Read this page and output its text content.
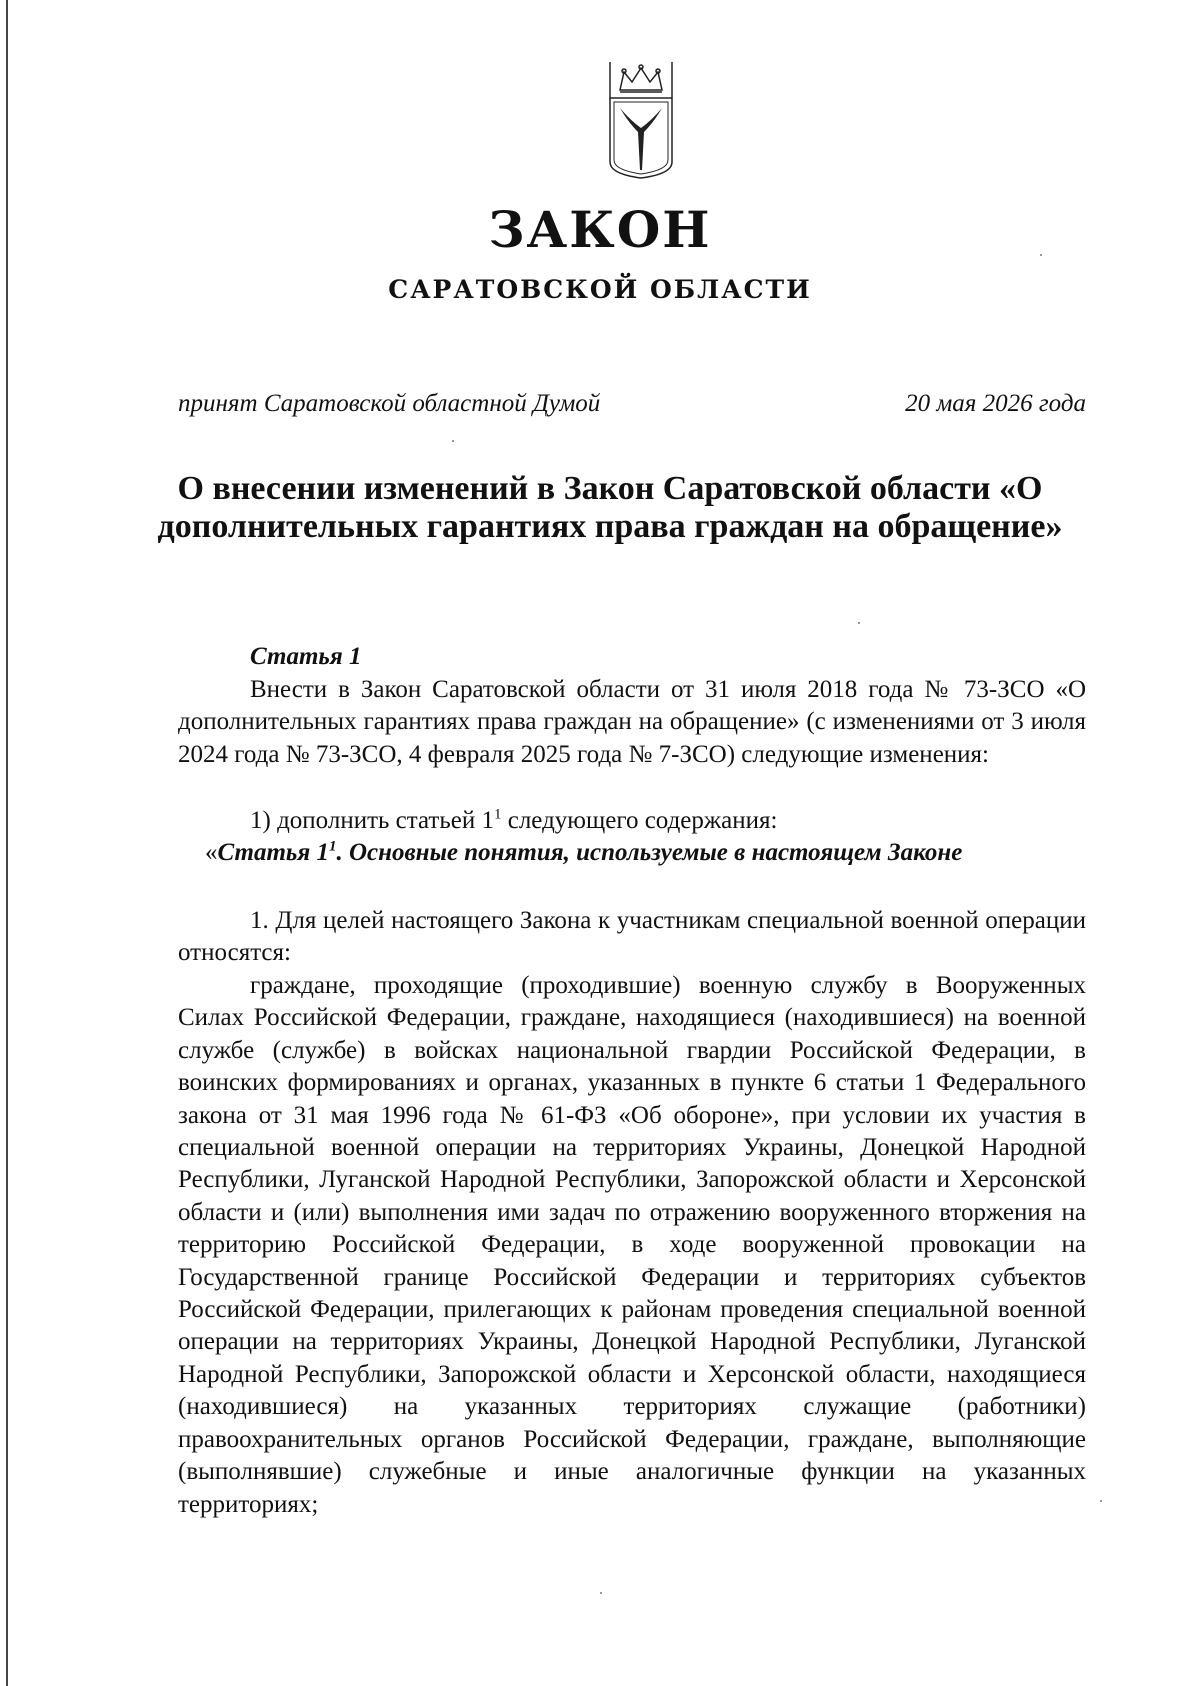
ЗАКОН
САРАТОВСКОЙ ОБЛАСТИ
принят Саратовской областной Думой	20 мая 2026 года
О внесении изменений в Закон Саратовской области «О дополнительных гарантиях права граждан на обращение»
Статья 1
Внести в Закон Саратовской области от 31 июля 2018 года № 73-ЗСО «О дополнительных гарантиях права граждан на обращение» (с изменениями от 3 июля 2024 года № 73-ЗСО, 4 февраля 2025 года № 7-ЗСО) следующие изменения:
1) дополнить статьей $1^1$ следующего содержания:
«Статья $1^1$. Основные понятия, используемые в настоящем Законе
1. Для целей настоящего Закона к участникам специальной военной операции относятся:
граждане, проходящие (проходившие) военную службу в Вооруженных Силах Российской Федерации, граждане, находящиеся (находившиеся) на военной службе (службе) в войсках национальной гвардии Российской Федерации, в воинских формированиях и органах, указанных в пункте 6 статьи 1 Федерального закона от 31 мая 1996 года № 61-ФЗ «Об обороне», при условии их участия в специальной военной операции на территориях Украины, Донецкой Народной Республики, Луганской Народной Республики, Запорожской области и Херсонской области и (или) выполнения ими задач по отражению вооруженного вторжения на территорию Российской Федерации, в ходе вооруженной провокации на Государственной границе Российской Федерации и территориях субъектов Российской Федерации, прилегающих к районам проведения специальной военной операции на территориях Украины, Донецкой Народной Республики, Луганской Народной Республики, Запорожской области и Херсонской области, находящиеся (находившиеся) на указанных территориях служащие (работники) правоохранительных органов Российской Федерации, граждане, выполняющие (выполнявшие) служебные и иные аналогичные функции на указанных территориях;
